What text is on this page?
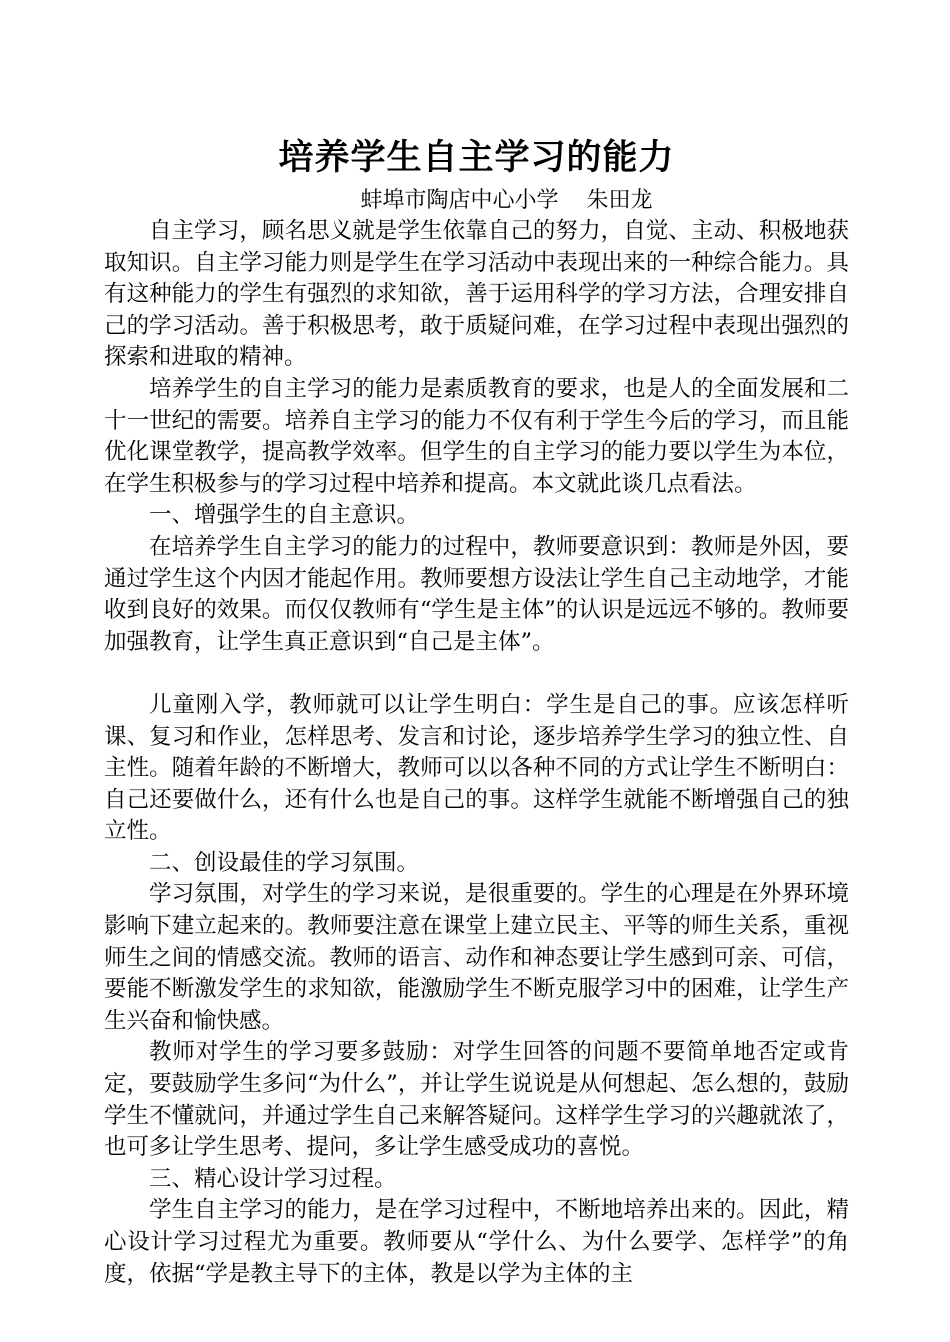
培养学生自主学习的能力

蚌埠市陶店中心小学    朱田龙

自主学习，顾名思义就是学生依靠自己的努力，自觉、主动、积极地获取知识。自主学习能力则是学生在学习活动中表现出来的一种综合能力。具有这种能力的学生有强烈的求知欲，善于运用科学的学习方法，合理安排自己的学习活动。善于积极思考，敢于质疑问难，在学习过程中表现出强烈的探索和进取的精神。

培养学生的自主学习的能力是素质教育的要求，也是人的全面发展和二十一世纪的需要。培养自主学习的能力不仅有利于学生今后的学习，而且能优化课堂教学，提高教学效率。但学生的自主学习的能力要以学生为本位，在学生积极参与的学习过程中培养和提高。本文就此谈几点看法。

一、增强学生的自主意识。

在培养学生自主学习的能力的过程中，教师要意识到：教师是外因，要通过学生这个内因才能起作用。教师要想方设法让学生自己主动地学，才能收到良好的效果。而仅仅教师有“学生是主体”的认识是远远不够的。教师要加强教育，让学生真正意识到“自己是主体”。

儿童刚入学，教师就可以让学生明白：学生是自己的事。应该怎样听课、复习和作业，怎样思考、发言和讨论，逐步培养学生学习的独立性、自主性。随着年龄的不断增大，教师可以以各种不同的方式让学生不断明白：自己还要做什么，还有什么也是自己的事。这样学生就能不断增强自己的独立性。

二、创设最佳的学习氛围。

学习氛围，对学生的学习来说，是很重要的。学生的心理是在外界环境影响下建立起来的。教师要注意在课堂上建立民主、平等的师生关系，重视师生之间的情感交流。教师的语言、动作和神态要让学生感到可亲、可信，要能不断激发学生的求知欲，能激励学生不断克服学习中的困难，让学生产生兴奋和愉快感。

教师对学生的学习要多鼓励：对学生回答的问题不要简单地否定或肯定，要鼓励学生多问“为什么”，并让学生说说是从何想起、怎么想的，鼓励学生不懂就问，并通过学生自己来解答疑问。这样学生学习的兴趣就浓了，也可多让学生思考、提问，多让学生感受成功的喜悦。

三、精心设计学习过程。

学生自主学习的能力，是在学习过程中，不断地培养出来的。因此，精心设计学习过程尤为重要。教师要从“学什么、为什么要学、怎样学”的角度，依据“学是教主导下的主体，教是以学为主体的主
